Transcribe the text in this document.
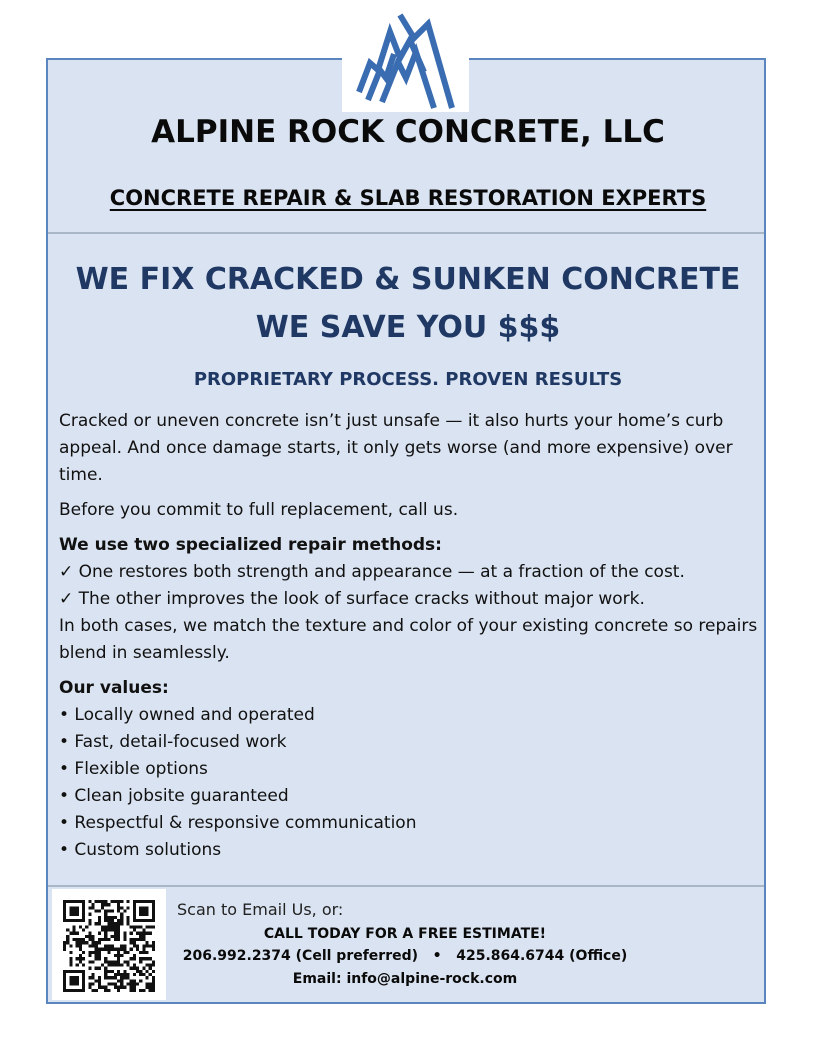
ALPINE ROCK CONCRETE, LLC
CONCRETE REPAIR & SLAB RESTORATION EXPERTS
WE FIX CRACKED & SUNKEN CONCRETE
WE SAVE YOU $$$
PROPRIETARY PROCESS. PROVEN RESULTS

Cracked or uneven concrete isn’t just unsafe — it also hurts your home’s curb appeal. And once damage starts, it only gets worse (and more expensive) over time.

Before you commit to full replacement, call us.

We use two specialized repair methods:

✓ One restores both strength and appearance — at a fraction of the cost.

✓ The other improves the look of surface cracks without major work.

In both cases, we match the texture and color of your existing concrete so repairs blend in seamlessly.

Our values:

• Locally owned and operated

• Fast, detail-focused work

• Flexible options

• Clean jobsite guaranteed

• Respectful & responsive communication

• Custom solutions

Scan to Email Us, or:
CALL TODAY FOR A FREE ESTIMATE!
206.992.2374 (Cell preferred)   •   425.864.6744 (Office)
Email: info@alpine-rock.com
